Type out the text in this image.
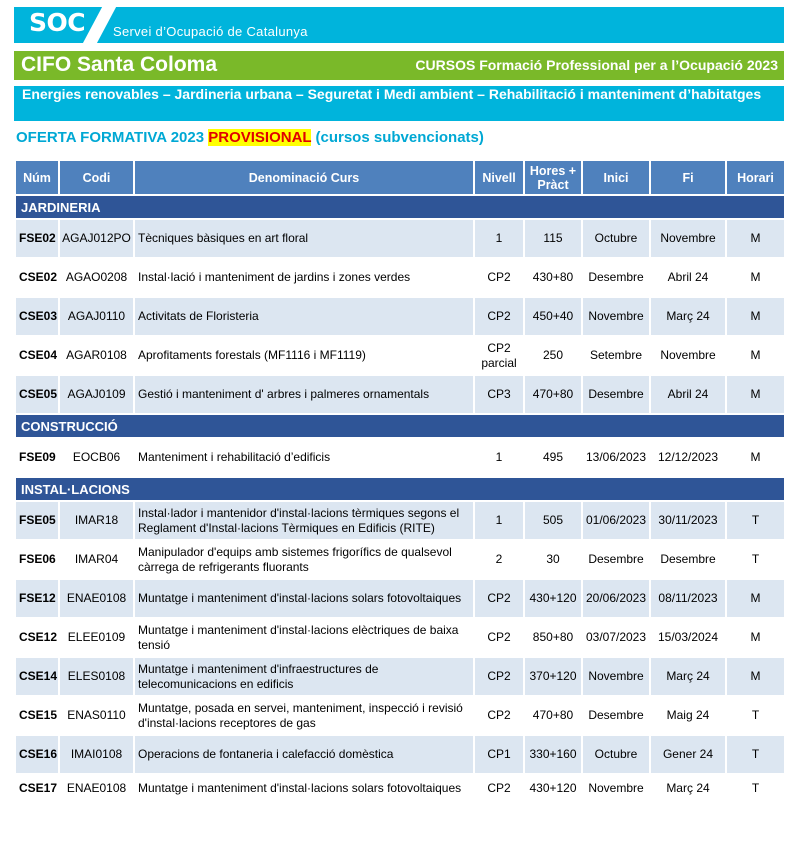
SOC Servei d’Ocupació de Catalunya
CIFO Santa Coloma	CURSOS Formació Professional per a l’Ocupació 2023
Energies renovables – Jardineria urbana – Seguretat i Medi ambient – Rehabilitació i manteniment d’habitatges
OFERTA FORMATIVA 2023 PROVISIONAL (cursos subvencionats)
Núm	Codi	Denominació Curs	Nivell	Hores + Pràct	Inici	Fi	Horari
JARDINERIA							
FSE02	AGAJ012PO	Tècniques bàsiques en art floral	1	115	Octubre	Novembre	M
CSE02	AGAO0208	Instal·lació i manteniment de jardins i zones verdes	CP2	430+80	Desembre	Abril 24	M
CSE03	AGAJ0110	Activitats de Floristeria	CP2	450+40	Novembre	Març 24	M
CSE04	AGAR0108	Aprofitaments forestals (MF1116 i MF1119)	CP2 parcial	250	Setembre	Novembre	M
CSE05	AGAJ0109	Gestió i manteniment d' arbres i palmeres ornamentals	CP3	470+80	Desembre	Abril 24	M
CONSTRUCCIÓ							
FSE09	EOCB06	Manteniment i rehabilitació d’edificis	1	495	13/06/2023	12/12/2023	M
INSTAL·LACIONS							
FSE05	IMAR18	Instal·lador i mantenidor d'instal·lacions tèrmiques segons el Reglament d'Instal·lacions Tèrmiques en Edificis (RITE)	1	505	01/06/2023	30/11/2023	T
FSE06	IMAR04	Manipulador d'equips amb sistemes frigorífics de qualsevol càrrega de refrigerants fluorants	2	30	Desembre	Desembre	T
FSE12	ENAE0108	Muntatge i manteniment d'instal·lacions solars fotovoltaiques	CP2	430+120	20/06/2023	08/11/2023	M
CSE12	ELEE0109	Muntatge i manteniment d'instal·lacions elèctriques de baixa tensió	CP2	850+80	03/07/2023	15/03/2024	M
CSE14	ELES0108	Muntatge i manteniment d'infraestructures de telecomunicacions en edificis	CP2	370+120	Novembre	Març 24	M
CSE15	ENAS0110	Muntatge, posada en servei, manteniment, inspecció i revisió d'instal·lacions receptores de gas	CP2	470+80	Desembre	Maig 24	T
CSE16	IMAI0108	Operacions de fontaneria i calefacció domèstica	CP1	330+160	Octubre	Gener 24	T
CSE17	ENAE0108	Muntatge i manteniment d'instal·lacions solars fotovoltaiques	CP2	430+120	Novembre	Març 24	T
